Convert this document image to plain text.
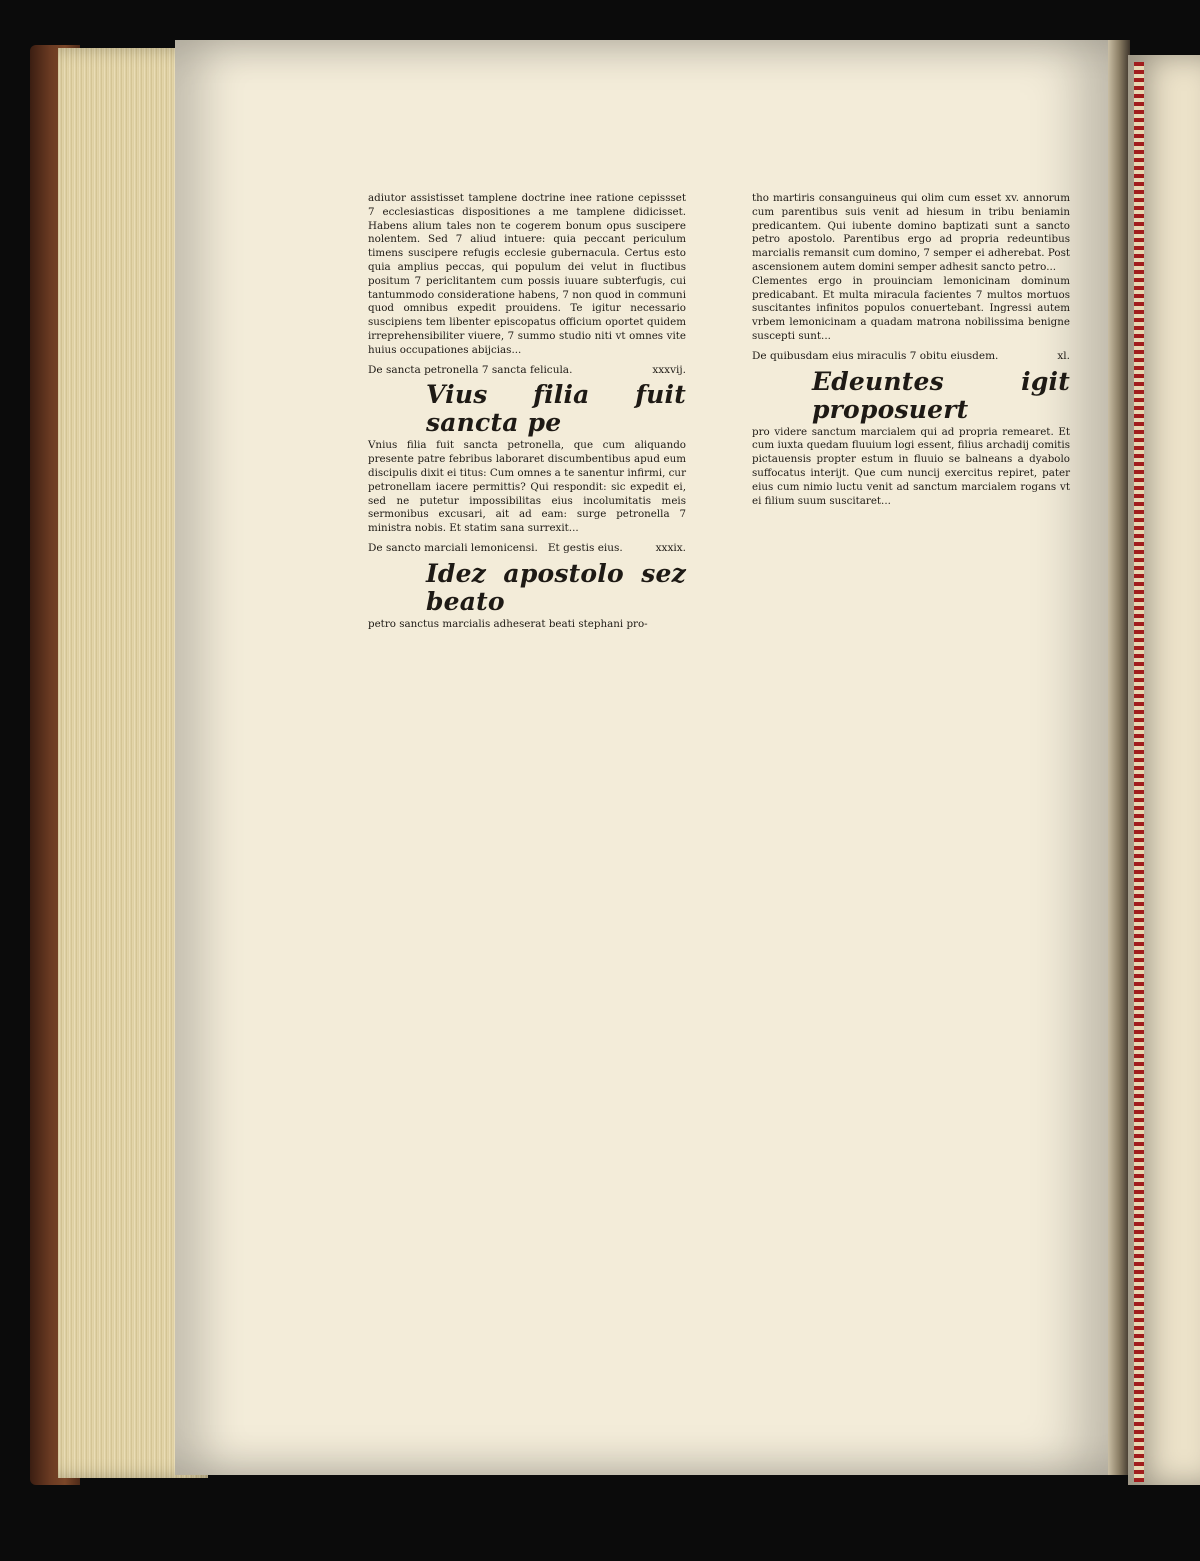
adiutor assistisset tamplene doctrine inee ratione cepissset 7 ecclesiasticas dispositiones a me tamplene didicisset. Habens alium tales non te cogerem bonum opus suscipere nolentem. Sed 7 aliud intuere: quia peccant periculum timens suscipere refugis ecclesie gubernacula. Certus esto quia amplius peccas, qui populum dei velut in fluctibus positum 7 periclitantem cum possis iuuare subterfugis, cui tantummodo consideratione habens, 7 non quod in communi quod omnibus expedit prouidens. Te igitur necessario suscipiens tem libenter episcopatus officium oportet quidem irreprehensibiliter viuere, 7 summo studio niti vt omnes vite huius occupationes abijcias...

De sancta petronella 7 sancta felicula.	xxxvij.
Vius filia fuit sancta pe

Vnius filia fuit sancta petronella, que cum aliquando presente patre febribus laboraret discumbentibus apud eum discipulis dixit ei titus: Cum omnes a te sanentur infirmi, cur petronellam iacere permittis? Qui respondit: sic expedit ei, sed ne putetur impossibilitas eius incolumitatis meis sermonibus excusari, ait ad eam: surge petronella 7 ministra nobis. Et statim sana surrexit...

De sancto marciali lemonicensi. Et gestis eius.	xxxix.
Idez apostolo sez beato

petro sanctus marcialis adheserat beati stephani pro-

tho martiris consanguineus qui olim cum esset xv. annorum cum parentibus suis venit ad hiesum in tribu beniamin predicantem. Qui iubente domino baptizati sunt a sancto petro apostolo. Parentibus ergo ad propria redeuntibus marcialis remansit cum domino, 7 semper ei adherebat. Post ascensionem autem domini semper adhesit sancto petro...

Clementes ergo in prouinciam lemonicinam dominum predicabant. Et multa miracula facientes 7 multos mortuos suscitantes infinitos populos conuertebant. Ingressi autem vrbem lemonicinam a quadam matrona nobilissima benigne suscepti sunt...

De quibusdam eius miraculis 7 obitu eiusdem.	xl.
Edeuntes igit proposuert

pro videre sanctum marcialem qui ad propria remearet. Et cum iuxta quedam fluuium logi essent, filius archadij comitis pictauensis propter estum in fluuio se balneans a dyabolo suffocatus interijt. Que cum nuncij exercitus repiret, pater eius cum nimio luctu venit ad sanctum marcialem rogans vt ei filium suum suscitaret...
